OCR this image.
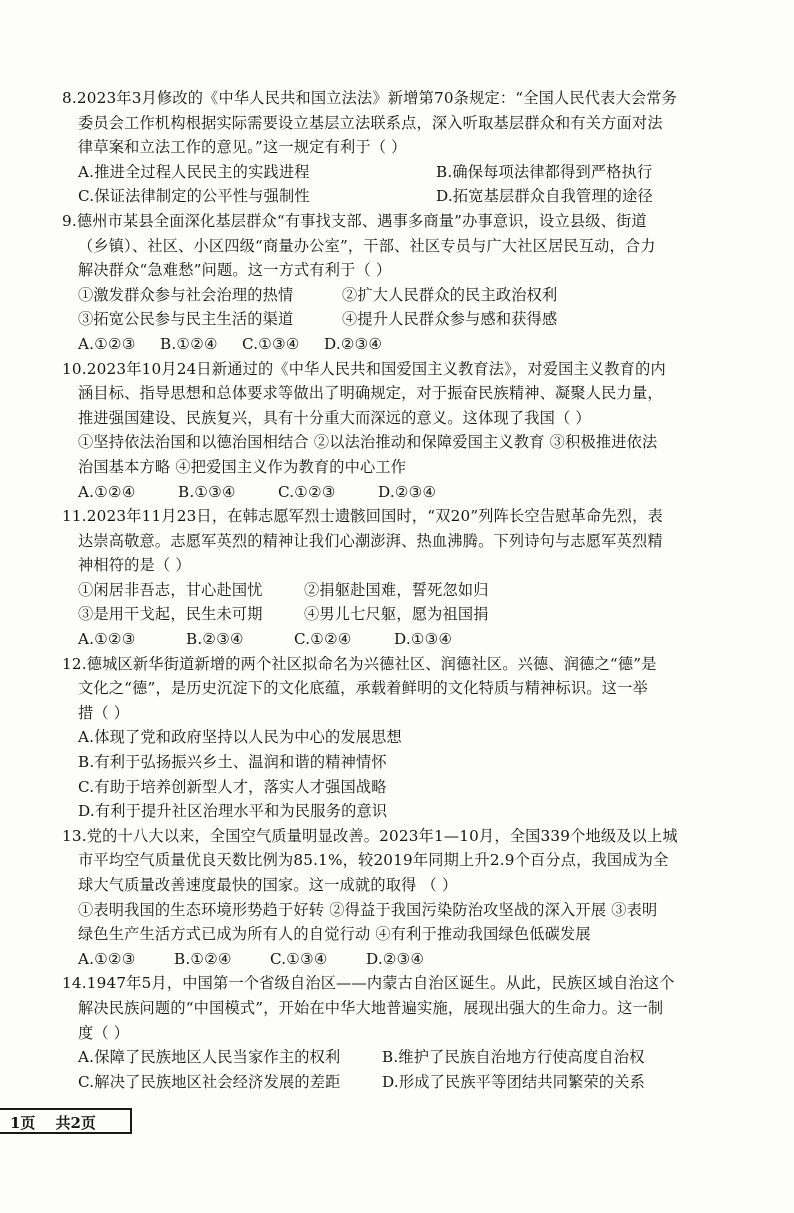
8.2023年3月修改的《中华人民共和国立法法》新增第70条规定：“全国人民代表大会常务
委员会工作机构根据实际需要设立基层立法联系点，深入听取基层群众和有关方面对法
律草案和立法工作的意见。”这一规定有利于（ ）
A.推进全过程人民民主的实践进程	B.确保每项法律都得到严格执行
C.保证法律制定的公平性与强制性	D.拓宽基层群众自我管理的途径
9.德州市某县全面深化基层群众“有事找支部、遇事多商量”办事意识，设立县级、街道
（乡镇）、社区、小区四级“商量办公室”，干部、社区专员与广大社区居民互动，合力
解决群众“急难愁”问题。这一方式有利于（ ）
①激发群众参与社会治理的热情	②扩大人民群众的民主政治权利
③拓宽公民参与民主生活的渠道	④提升人民群众参与感和获得感
A.①②③	B.①②④	C.①③④	D.②③④
10.2023年10月24日新通过的《中华人民共和国爱国主义教育法》，对爱国主义教育的内
涵目标、指导思想和总体要求等做出了明确规定，对于振奋民族精神、凝聚人民力量，
推进强国建设、民族复兴，具有十分重大而深远的意义。这体现了我国（ ）
①坚持依法治国和以德治国相结合 ②以法治推动和保障爱国主义教育 ③积极推进依法
治国基本方略 ④把爱国主义作为教育的中心工作
A.①②④	B.①③④	C.①②③	D.②③④
11.2023年11月23日，在韩志愿军烈士遗骸回国时，“双20”列阵长空告慰革命先烈，表
达崇高敬意。志愿军英烈的精神让我们心潮澎湃、热血沸腾。下列诗句与志愿军英烈精
神相符的是（ ）
①闲居非吾志，甘心赴国忧	②捐躯赴国难，誓死忽如归
③是用干戈起，民生未可期	④男儿七尺躯，愿为祖国捐
A.①②③	B.②③④	C.①②④	D.①③④
12.德城区新华街道新增的两个社区拟命名为兴德社区、润德社区。兴德、润德之“德”是
文化之“德”，是历史沉淀下的文化底蕴，承载着鲜明的文化特质与精神标识。这一举
措（ ）
A.体现了党和政府坚持以人民为中心的发展思想
B.有利于弘扬振兴乡土、温润和谐的精神情怀
C.有助于培养创新型人才，落实人才强国战略
D.有利于提升社区治理水平和为民服务的意识
13.党的十八大以来，全国空气质量明显改善。2023年1—10月，全国339个地级及以上城
市平均空气质量优良天数比例为85.1%，较2019年同期上升2.9个百分点，我国成为全
球大气质量改善速度最快的国家。这一成就的取得 （ ）
①表明我国的生态环境形势趋于好转 ②得益于我国污染防治攻坚战的深入开展 ③表明
绿色生产生活方式已成为所有人的自觉行动 ④有利于推动我国绿色低碳发展
A.①②③	B.①②④	C.①③④	D.②③④
14.1947年5月，中国第一个省级自治区——内蒙古自治区诞生。从此，民族区域自治这个
解决民族问题的“中国模式”，开始在中华大地普遍实施，展现出强大的生命力。这一制
度（ ）
A.保障了民族地区人民当家作主的权利	B.维护了民族自治地方行使高度自治权
C.解决了民族地区社会经济发展的差距	D.形成了民族平等团结共同繁荣的关系
1页 共2页
